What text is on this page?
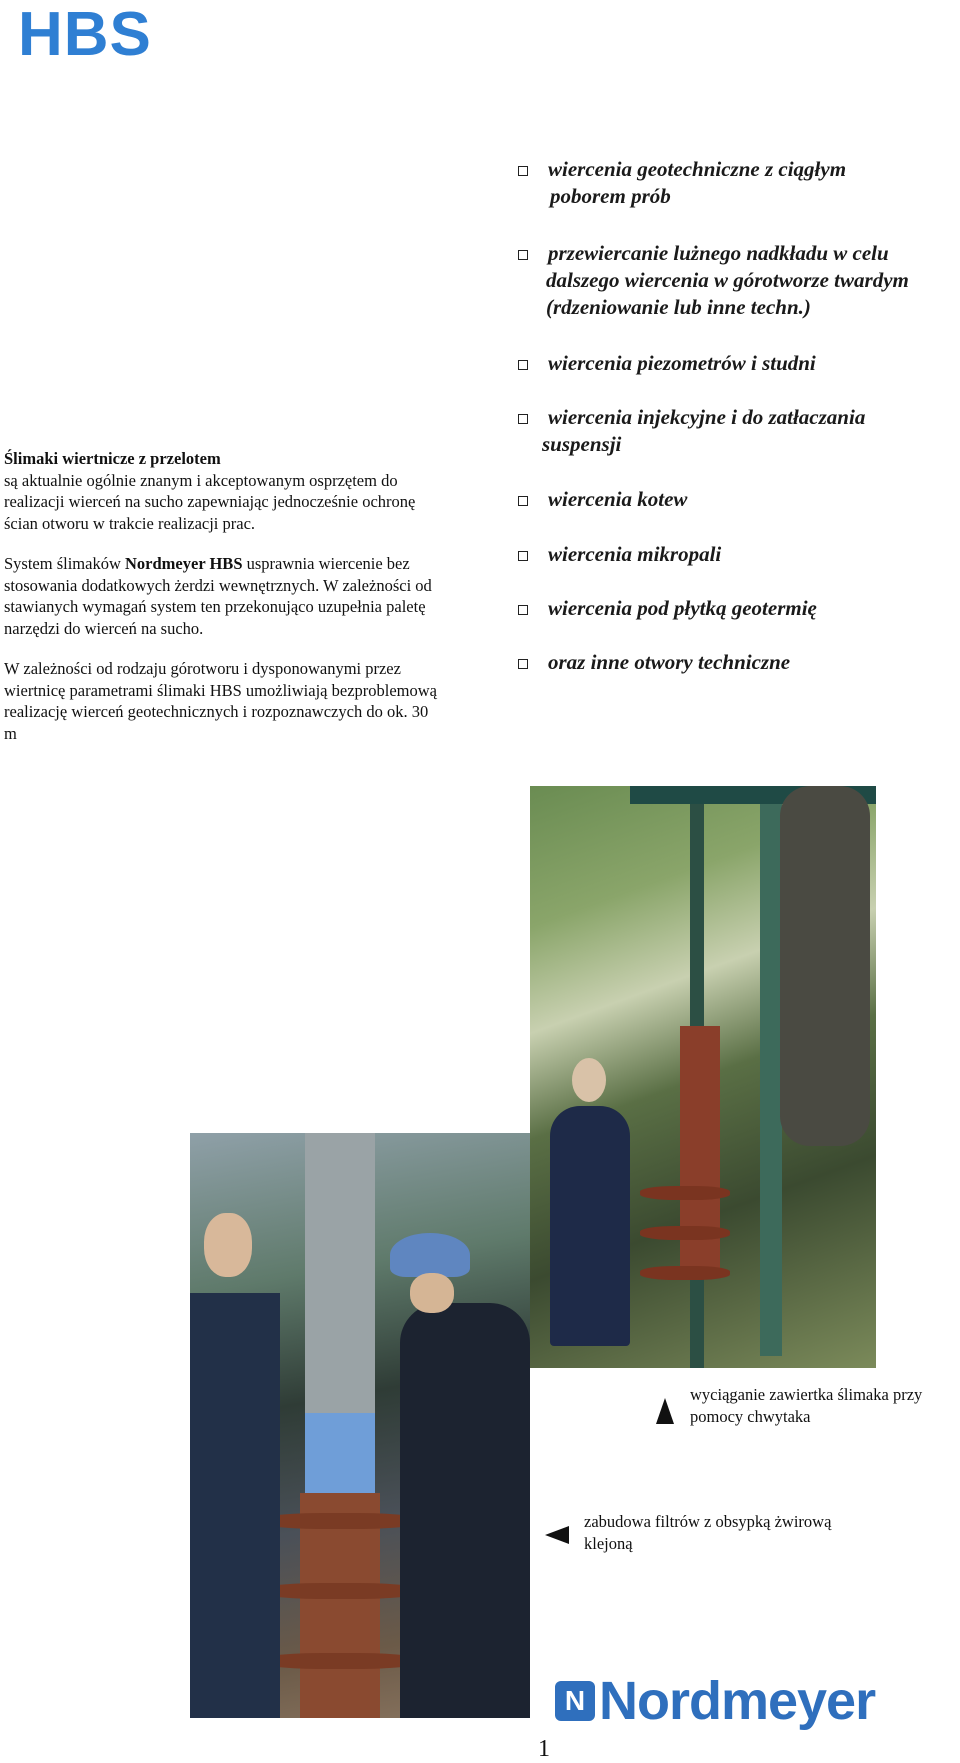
HBS
wiercenia geotechniczne z ciągłym
poborem prób
przewiercanie lużnego nadkładu w celu
dalszego wiercenia w górotworze twardym
(rdzeniowanie lub inne techn.)
wiercenia piezometrów i studni
wiercenia injekcyjne i do zatłaczania
suspensji
wiercenia kotew
wiercenia mikropali
wiercenia pod płytką geotermię
oraz inne otwory techniczne

Ślimaki wiertnicze z przelotem
są aktualnie ogólnie znanym i akceptowanym osprzętem do realizacji wierceń na sucho zapewniając jednocześnie ochronę ścian otworu w trakcie realizacji prac.

System ślimaków Nordmeyer HBS usprawnia wiercenie bez stosowania dodatkowych żerdzi wewnętrznych. W zależności od stawianych wymagań system ten przekonująco uzupełnia paletę narzędzi do wierceń na sucho.

W zależności od rodzaju górotworu i dysponowanymi przez wiertnicę parametrami ślimaki HBS umożliwiają bezproblemową realizację wierceń geotechnicznych i rozpoznawczych do ok. 30 m

wyciąganie zawiertka ślimaka przy pomocy chwytaka
zabudowa filtrów z obsypką żwirową klejoną
N Nordmeyer
1
